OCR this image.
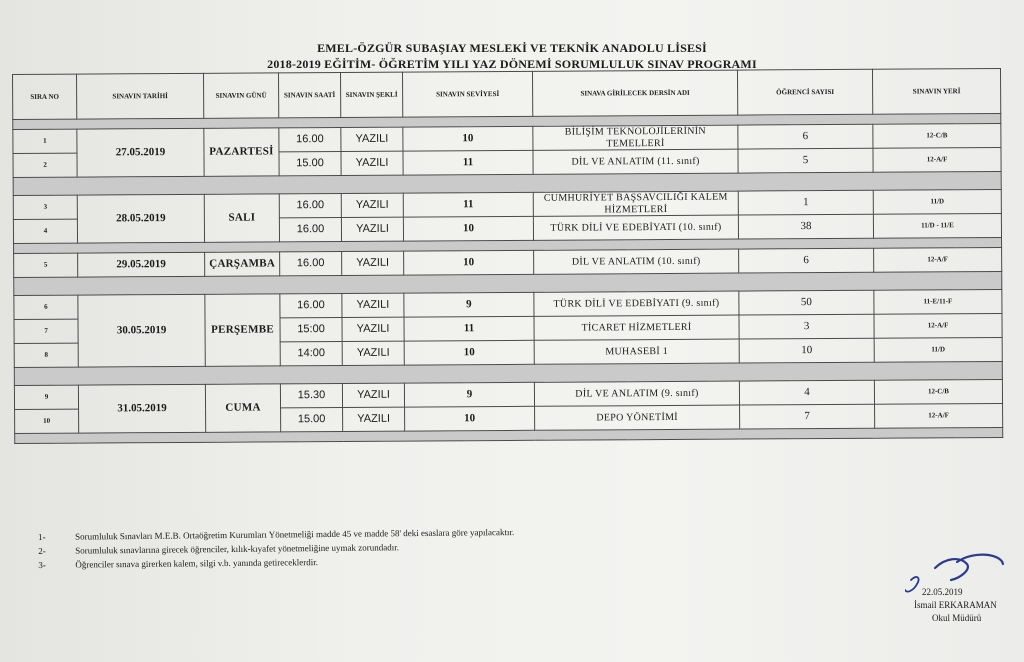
EMEL-ÖZGÜR SUBAŞIAY MESLEKİ VE TEKNİK ANADOLU LİSESİ
2018-2019 EĞİTİM- ÖĞRETİM YILI YAZ DÖNEMİ SORUMLULUK SINAV PROGRAMI
SIRA NO	SINAVIN TARİHİ	SINAVIN GÜNÜ	SINAVIN SAATİ	SINAVIN ŞEKLİ	SINAVIN SEVİYESİ	SINAVA GİRİLECEK DERSİN ADI	ÖĞRENCİ SAYISI	SINAVIN YERİ

1	27.05.2019	PAZARTESİ	16.00	YAZILI	10	BİLİŞİM TEKNOLOJİLERİNİN TEMELLERİ	6	12-C/B
2			15.00	YAZILI	11	DİL VE ANLATIM (11. sınıf)	5	12-A/F

3	28.05.2019	SALI	16.00	YAZILI	11	CUMHURİYET BAŞSAVCILIĞI KALEM HİZMETLERİ	1	11/D
4			16.00	YAZILI	10	TÜRK DİLİ VE EDEBİYATI (10. sınıf)	38	11/D - 11/E

5	29.05.2019	ÇARŞAMBA	16.00	YAZILI	10	DİL VE ANLATIM (10. sınıf)	6	12-A/F

6	30.05.2019	PERŞEMBE	16.00	YAZILI	9	TÜRK DİLİ VE EDEBİYATI (9. sınıf)	50	11-E/11-F
7			15:00	YAZILI	11	TİCARET HİZMETLERİ	3	12-A/F
8			14:00	YAZILI	10	MUHASEBİ 1	10	11/D

9	31.05.2019	CUMA	15.30	YAZILI	9	DİL VE ANLATIM (9. sınıf)	4	12-C/B
10			15.00	YAZILI	10	DEPO YÖNETİMİ	7	12-A/F

1-	Sorumluluk Sınavları M.E.B. Ortaöğretim Kurumları Yönetmeliği madde 45 ve madde 58' deki esaslara göre yapılacaktır.
2-	Sorumluluk sınavlarına girecek öğrenciler, kılık-kıyafet yönetmeliğine uymak zorundadır.
3-	Öğrenciler sınava girerken kalem, silgi v.b. yanında getireceklerdir.
22.05.2019
İsmail ERKARAMAN
Okul Müdürü
